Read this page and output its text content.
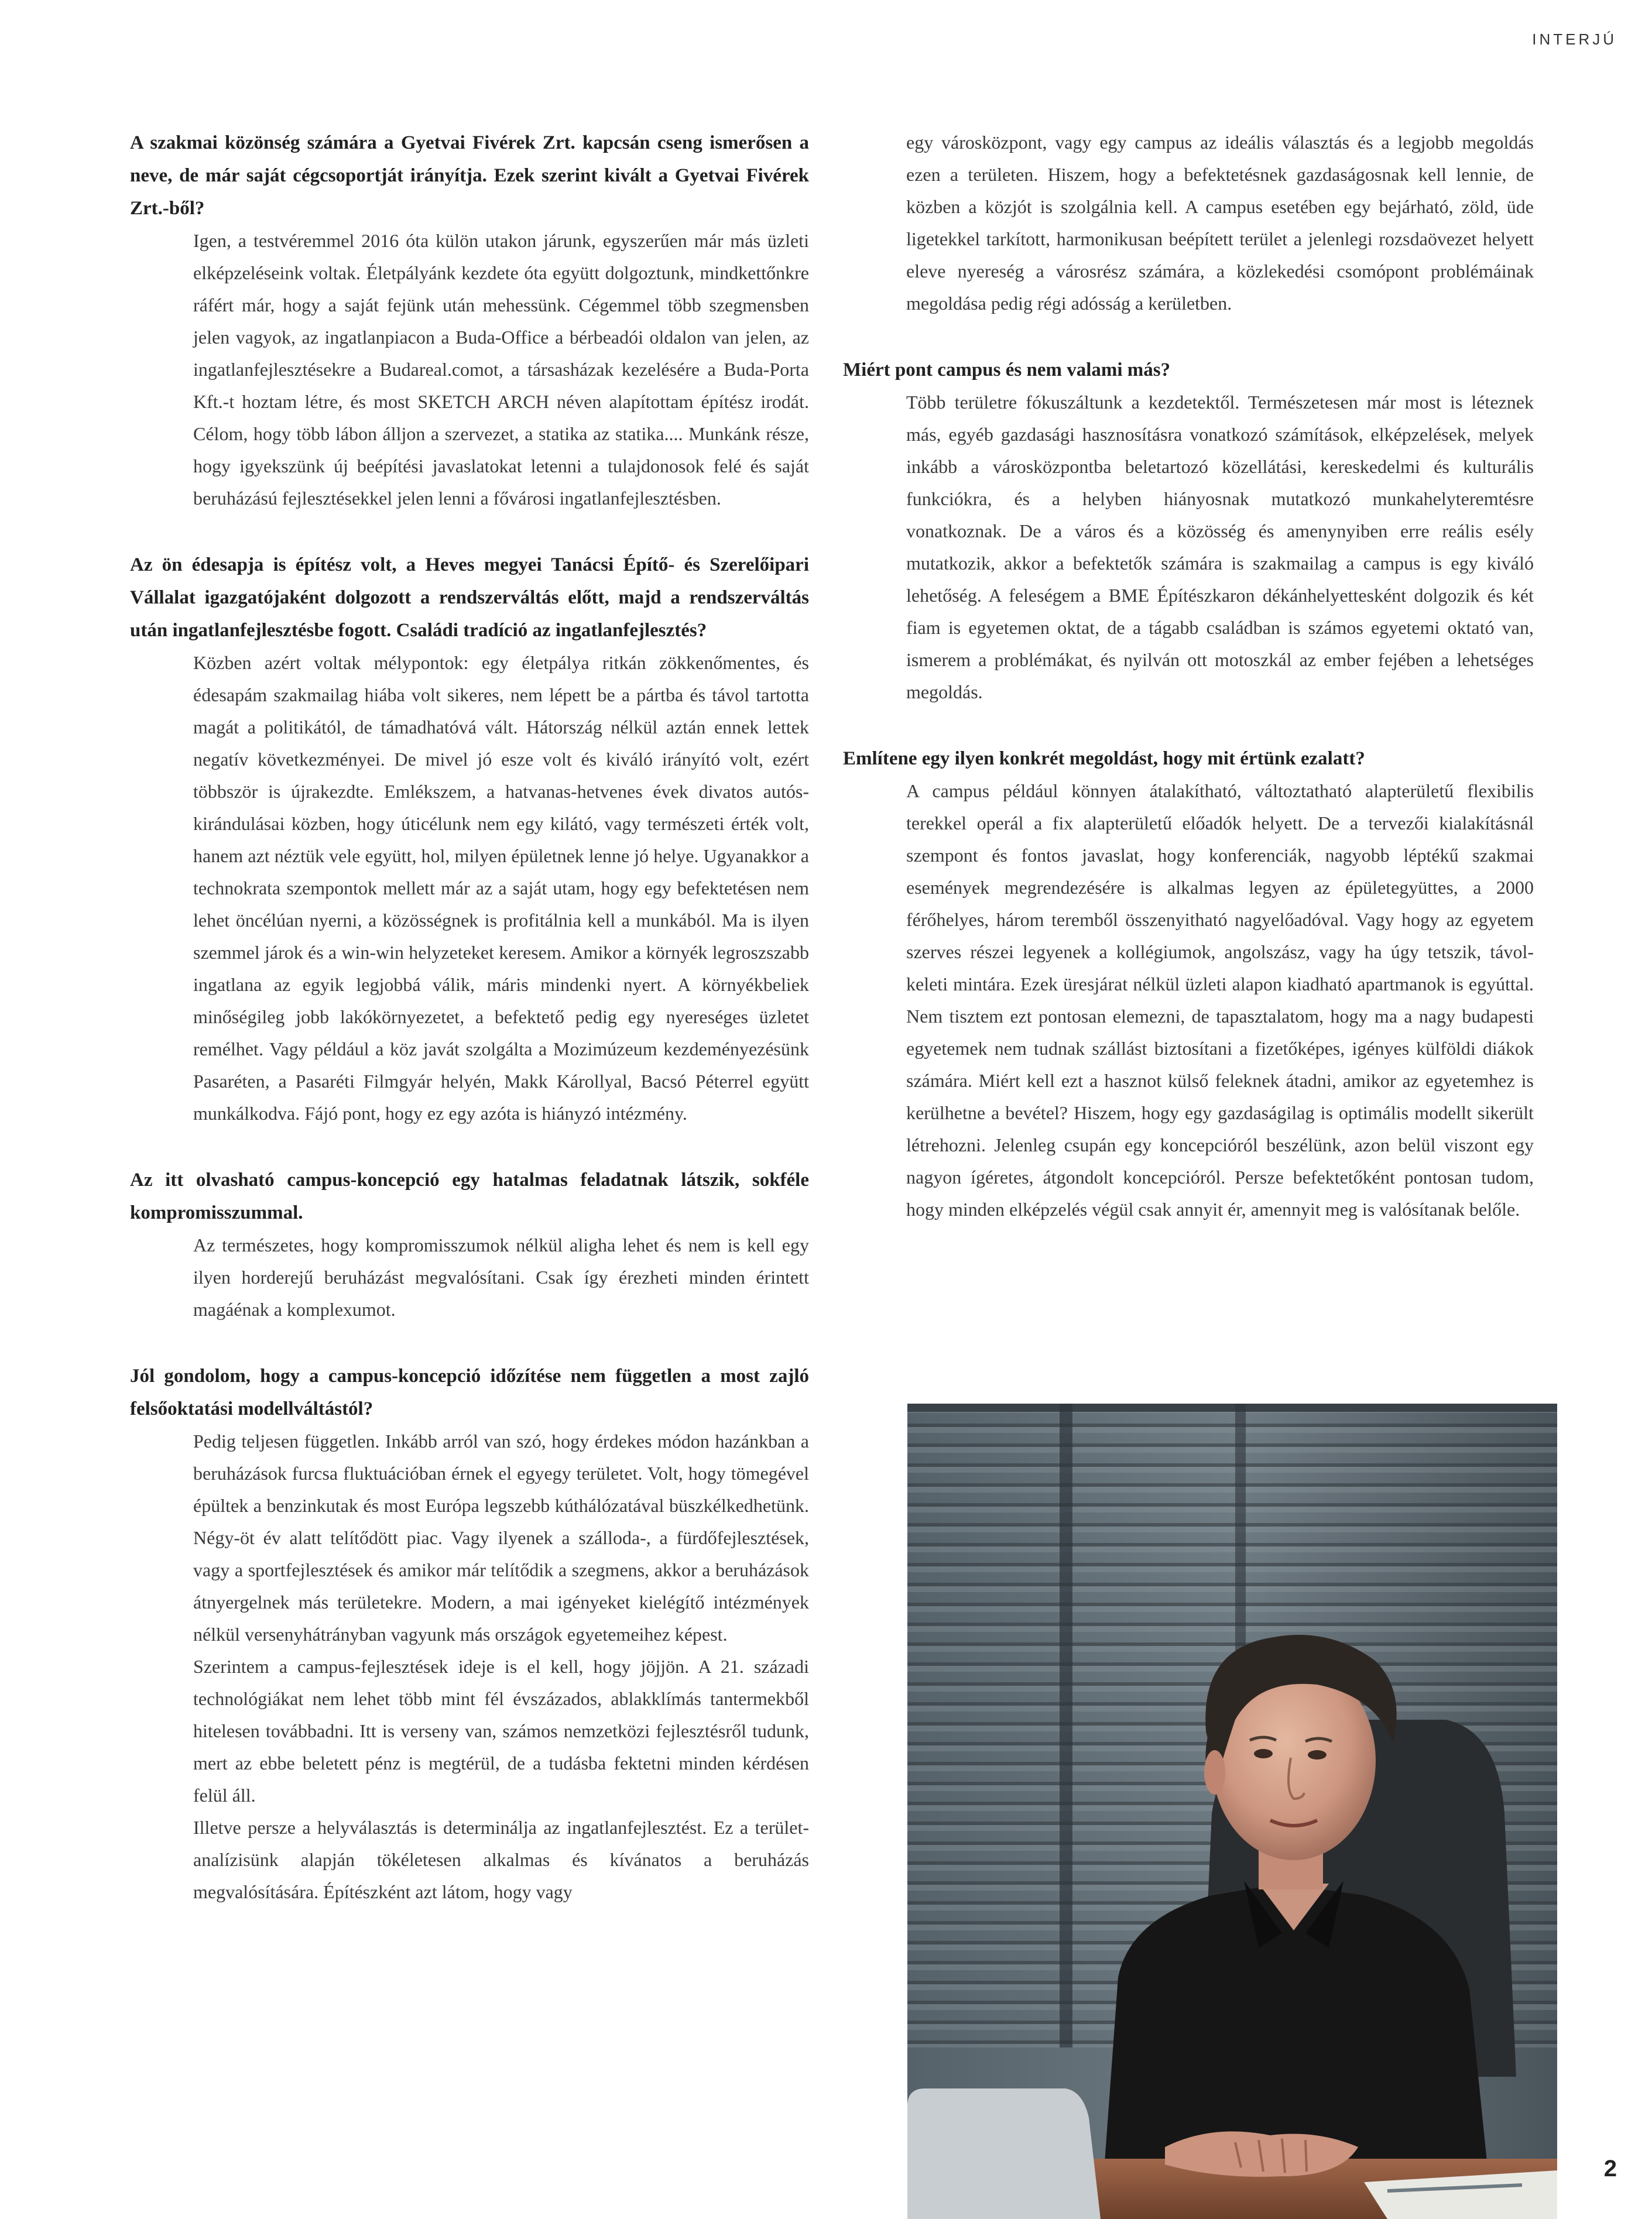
INTERJÚ

A szakmai közönség számára a Gyetvai Fivérek Zrt. kapcsán cseng ismerősen a neve, de már saját cégcsoportját irányítja. Ezek szerint kivált a Gyetvai Fivérek Zrt.-ből?

Igen, a testvéremmel 2016 óta külön utakon járunk, egyszerűen már más üzleti elképzeléseink voltak. Életpályánk kezdete óta együtt dolgoztunk, mindkettőnkre ráfért már, hogy a saját fejünk után mehessünk. Cégemmel több szegmensben jelen vagyok, az ingatlanpiacon a Buda-Office a bérbeadói oldalon van jelen, az ingatlanfejlesztésekre a Budareal.comot, a társasházak kezelésére a Buda-Porta Kft.-t hoztam létre, és most SKETCH ARCH néven alapítottam építész irodát. Célom, hogy több lábon álljon a szervezet, a statika az statika.... Munkánk része, hogy igyekszünk új beépítési javaslatokat letenni a tulajdonosok felé és saját beruházású fejlesztésekkel jelen lenni a fővárosi ingatlanfejlesztésben.

Az ön édesapja is építész volt, a Heves megyei Tanácsi Építő- és Szerelőipari Vállalat igazgatójaként dolgozott a rendszerváltás előtt, majd a rendszerváltás után ingatlanfejlesztésbe fogott. Családi tradíció az ingatlanfejlesztés?

Közben azért voltak mélypontok: egy életpálya ritkán zökkenőmentes, és édesapám szakmailag hiába volt sikeres, nem lépett be a pártba és távol tartotta magát a politikától, de támadhatóvá vált. Hátország nélkül aztán ennek lettek negatív következményei. De mivel jó esze volt és kiváló irányító volt, ezért többször is újrakezdte. Emlékszem, a hatvanas-hetvenes évek divatos autós-kirándulásai közben, hogy úticélunk nem egy kilátó, vagy természeti érték volt, hanem azt néztük vele együtt, hol, milyen épületnek lenne jó helye. Ugyanakkor a technokrata szempontok mellett már az a saját utam, hogy egy befektetésen nem lehet öncélúan nyerni, a közösségnek is profitálnia kell a munkából. Ma is ilyen szemmel járok és a win-win helyzeteket keresem. Amikor a környék legroszszabb ingatlana az egyik legjobbá válik, máris mindenki nyert. A környékbeliek minőségileg jobb lakókörnyezetet, a befektető pedig egy nyereséges üzletet remélhet. Vagy például a köz javát szolgálta a Mozimúzeum kezdeményezésünk Pasaréten, a Pasaréti Filmgyár helyén, Makk Károllyal, Bacsó Péterrel együtt munkálkodva. Fájó pont, hogy ez egy azóta is hiányzó intézmény.

Az itt olvasható campus-koncepció egy hatalmas feladatnak látszik, sokféle kompromisszummal.

Az természetes, hogy kompromisszumok nélkül aligha lehet és nem is kell egy ilyen horderejű beruházást megvalósítani. Csak így érezheti minden érintett magáénak a komplexumot.

Jól gondolom, hogy a campus-koncepció időzítése nem független a most zajló felsőoktatási modellváltástól?

Pedig teljesen független. Inkább arról van szó, hogy érdekes módon hazánkban a beruházások furcsa fluktuációban érnek el egyegy területet. Volt, hogy tömegével épültek a benzinkutak és most Európa legszebb kúthálózatával büszkélkedhetünk. Négy-öt év alatt telítődött piac. Vagy ilyenek a szálloda-, a fürdőfejlesztések, vagy a sportfejlesztések és amikor már telítődik a szegmens, akkor a beruházások átnyergelnek más területekre. Modern, a mai igényeket kielégítő intézmények nélkül versenyhátrányban vagyunk más országok egyetemeihez képest.
Szerintem a campus-fejlesztések ideje is el kell, hogy jöjjön. A 21. századi technológiákat nem lehet több mint fél évszázados, ablakklímás tantermekből hitelesen továbbadni. Itt is verseny van, számos nemzetközi fejlesztésről tudunk, mert az ebbe beletett pénz is megtérül, de a tudásba fektetni minden kérdésen felül áll.
Illetve persze a helyválasztás is determinálja az ingatlanfejlesztést. Ez a terület-analízisünk alapján tökéletesen alkalmas és kívánatos a beruházás megvalósítására. Építészként azt látom, hogy vagy

egy városközpont, vagy egy campus az ideális választás és a legjobb megoldás ezen a területen. Hiszem, hogy a befektetésnek gazdaságosnak kell lennie, de közben a közjót is szolgálnia kell. A campus esetében egy bejárható, zöld, üde ligetekkel tarkított, harmonikusan beépített terület a jelenlegi rozsdaövezet helyett eleve nyereség a városrész számára, a közlekedési csomópont problémáinak megoldása pedig régi adósság a kerületben.

Miért pont campus és nem valami más?

Több területre fókuszáltunk a kezdetektől. Természetesen már most is léteznek más, egyéb gazdasági hasznosításra vonatkozó számítások, elképzelések, melyek inkább a városközpontba beletartozó közellátási, kereskedelmi és kulturális funkciókra, és a helyben hiányosnak mutatkozó munkahelyteremtésre vonatkoznak. De a város és a közösség és amenynyiben erre reális esély mutatkozik, akkor a befektetők számára is szakmailag a campus is egy kiváló lehetőség. A feleségem a BME Építészkaron dékánhelyettesként dolgozik és két fiam is egyetemen oktat, de a tágabb családban is számos egyetemi oktató van, ismerem a problémákat, és nyilván ott motoszkál az ember fejében a lehetséges megoldás.

Említene egy ilyen konkrét megoldást, hogy mit értünk ezalatt?

A campus például könnyen átalakítható, változtatható alapterületű flexibilis terekkel operál a fix alapterületű előadók helyett. De a tervezői kialakításnál szempont és fontos javaslat, hogy konferenciák, nagyobb léptékű szakmai események megrendezésére is alkalmas legyen az épületegyüttes, a 2000 férőhelyes, három teremből összenyitható nagyelőadóval. Vagy hogy az egyetem szerves részei legyenek a kollégiumok, angolszász, vagy ha úgy tetszik, távol-keleti mintára. Ezek üresjárat nélkül üzleti alapon kiadható apartmanok is egyúttal. Nem tisztem ezt pontosan elemezni, de tapasztalatom, hogy ma a nagy budapesti egyetemek nem tudnak szállást biztosítani a fizetőképes, igényes külföldi diákok számára. Miért kell ezt a hasznot külső feleknek átadni, amikor az egyetemhez is kerülhetne a bevétel? Hiszem, hogy egy gazdaságilag is optimális modellt sikerült létrehozni. Jelenleg csupán egy koncepcióról beszélünk, azon belül viszont egy nagyon ígéretes, átgondolt koncepcióról. Persze befektetőként pontosan tudom, hogy minden elképzelés végül csak annyit ér, amennyit meg is valósítanak belőle.

2
